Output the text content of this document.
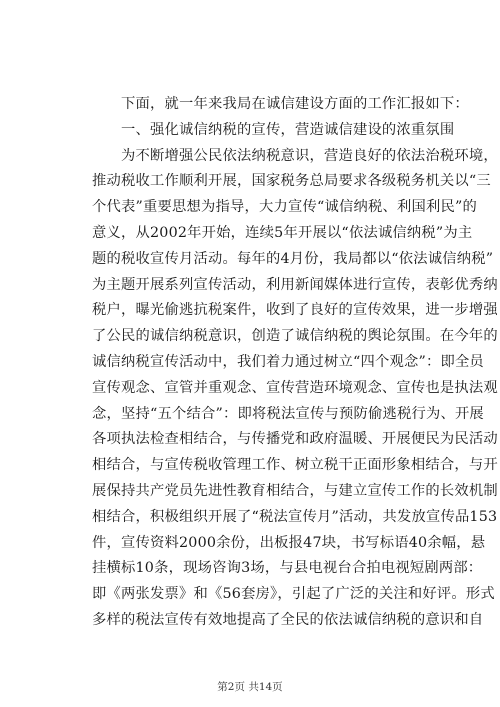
　　下面，就一年来我局在诚信建设方面的工作汇报如下：
　　一、强化诚信纳税的宣传，营造诚信建设的浓重氛围
　　为不断增强公民依法纳税意识，营造良好的依法治税环境，
推动税收工作顺利开展，国家税务总局要求各级税务机关以“三
个代表”重要思想为指导，大力宣传“诚信纳税、利国利民”的
意义，从2002年开始，连续5年开展以“依法诚信纳税”为主
题的税收宣传月活动。每年的4月份，我局都以“依法诚信纳税”
为主题开展系列宣传活动，利用新闻媒体进行宣传，表彰优秀纳
税户，曝光偷逃抗税案件，收到了良好的宣传效果，进一步增强
了公民的诚信纳税意识，创造了诚信纳税的舆论氛围。在今年的
诚信纳税宣传活动中，我们着力通过树立“四个观念”：即全员
宣传观念、宣管并重观念、宣传营造环境观念、宣传也是执法观
念，坚持“五个结合”：即将税法宣传与预防偷逃税行为、开展
各项执法检查相结合，与传播党和政府温暖、开展便民为民活动
相结合，与宣传税收管理工作、树立税干正面形象相结合，与开
展保持共产党员先进性教育相结合，与建立宣传工作的长效机制
相结合，积极组织开展了“税法宣传月”活动，共发放宣传品153
件，宣传资料2000余份，出板报47块，书写标语40余幅，悬
挂横标10条，现场咨询3场，与县电视台合拍电视短剧两部：
即《两张发票》和《56套房》，引起了广泛的关注和好评。形式
多样的税法宣传有效地提高了全民的依法诚信纳税的意识和自
第2页 共14页
